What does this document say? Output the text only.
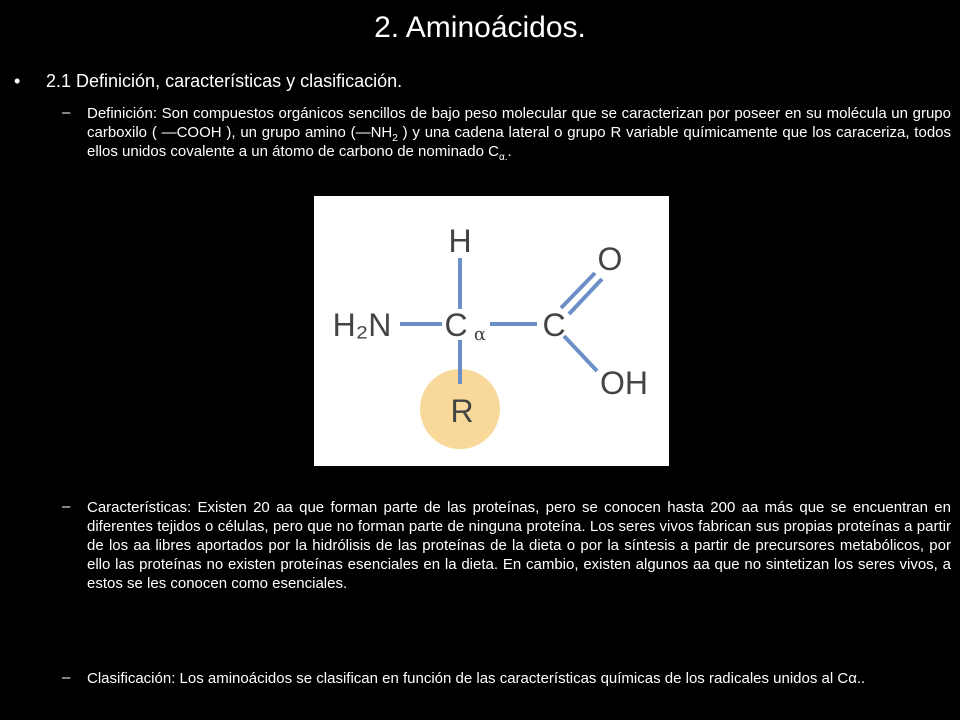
2. Aminoácidos.
• 2.1 Definición, características y clasificación.
– Definición: Son compuestos orgánicos sencillos de bajo peso molecular que se caracterizan por poseer en su molécula un grupo carboxilo ( —COOH ), un grupo amino ($—NH_2$ ) y una cadena lateral o grupo R variable químicamente que los caraceriza, todos ellos unidos covalente a un átomo de carbono de nominado $C_{\alpha.}$.
H	O
H₂N C α C
OH
R
– Características: Existen 20 aa que forman parte de las proteínas, pero se conocen hasta 200 aa más que se encuentran en diferentes tejidos o células, pero que no forman parte de ninguna proteína. Los seres vivos fabrican sus propias proteínas a partir de los aa libres aportados por la hidrólisis de las proteínas de la dieta o por la síntesis a partir de precursores metabólicos, por ello las proteínas no existen proteínas esenciales en la dieta. En cambio, existen algunos aa que no sintetizan los seres vivos, a estos se les conocen como esenciales.
– Clasificación: Los aminoácidos se clasifican en función de las características químicas de los radicales unidos al Cα..
